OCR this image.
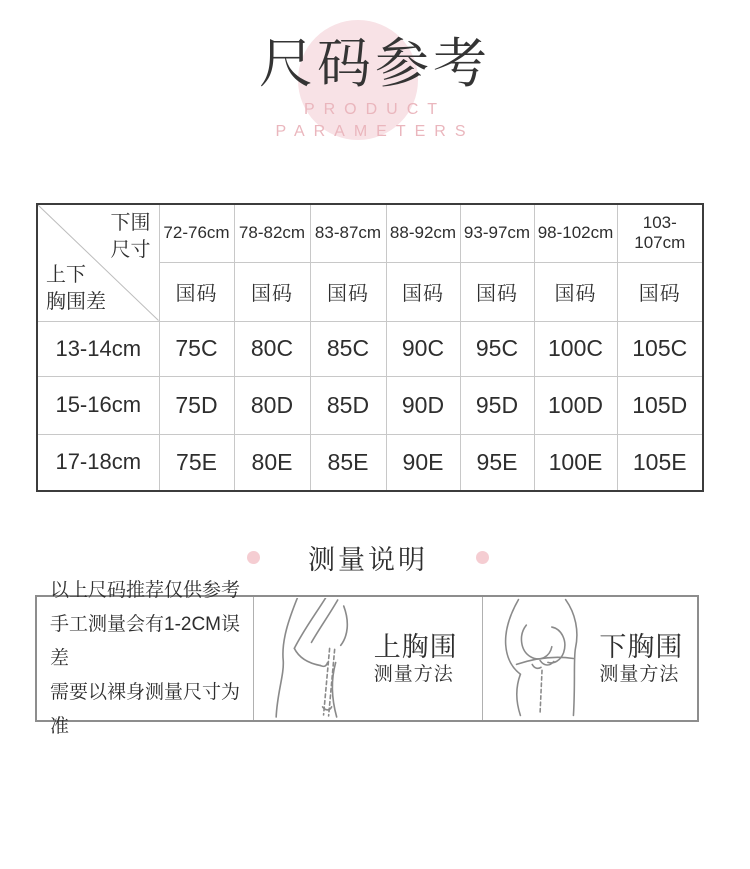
尺码参考
PRODUCT
PARAMETERS
下围
尺寸
上下
胸围差	72-76cm	78-82cm	83-87cm	88-92cm	93-97cm	98-102cm	103-107cm
	国码	国码	国码	国码	国码	国码	国码
13-14cm	75C	80C	85C	90C	95C	100C	105C
15-16cm	75D	80D	85D	90D	95D	100D	105D
17-18cm	75E	80E	85E	90E	95E	100E	105E
测量说明
以上尺码推荐仅供参考
手工测量会有1-2CM误差
需要以裸身测量尺寸为准
上胸围
测量方法
下胸围
测量方法
